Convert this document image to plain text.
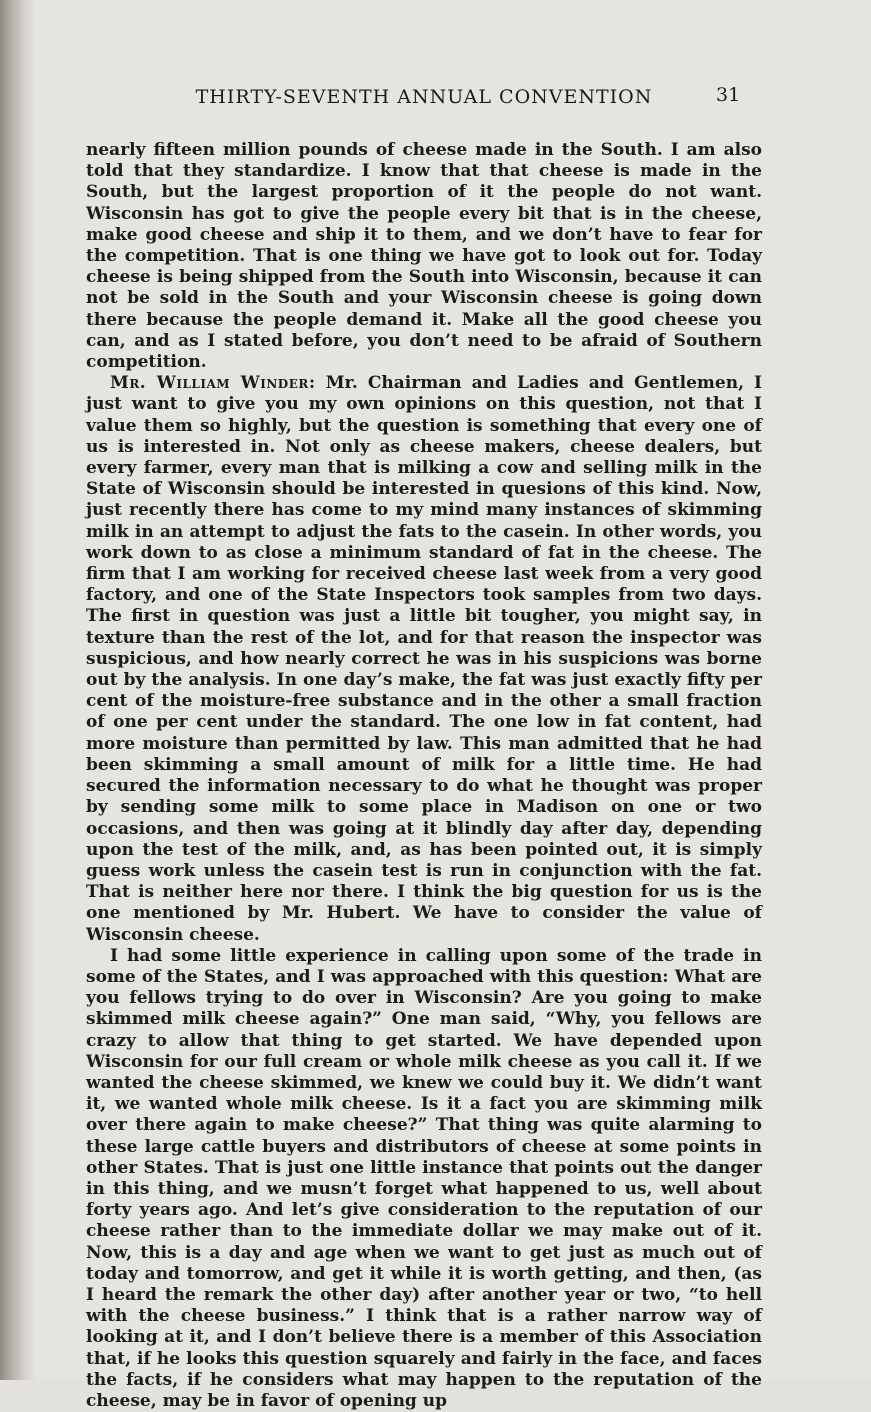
THIRTY-SEVENTH ANNUAL CONVENTION	31

nearly fifteen million pounds of cheese made in the South. I am also told that they standardize. I know that that cheese is made in the South, but the largest proportion of it the people do not want. Wisconsin has got to give the people every bit that is in the cheese, make good cheese and ship it to them, and we don’t have to fear for the competition. That is one thing we have got to look out for. Today cheese is being shipped from the South into Wisconsin, because it can not be sold in the South and your Wisconsin cheese is going down there because the people demand it. Make all the good cheese you can, and as I stated before, you don’t need to be afraid of Southern competition.

Mr. William Winder: Mr. Chairman and Ladies and Gentlemen, I just want to give you my own opinions on this question, not that I value them so highly, but the question is something that every one of us is interested in. Not only as cheese makers, cheese dealers, but every farmer, every man that is milking a cow and selling milk in the State of Wisconsin should be interested in quesions of this kind. Now, just recently there has come to my mind many instances of skimming milk in an attempt to adjust the fats to the casein. In other words, you work down to as close a minimum standard of fat in the cheese. The firm that I am working for received cheese last week from a very good factory, and one of the State Inspectors took samples from two days. The first in question was just a little bit tougher, you might say, in texture than the rest of the lot, and for that reason the inspector was suspicious, and how nearly correct he was in his suspicions was borne out by the analysis. In one day’s make, the fat was just exactly fifty per cent of the moisture-free substance and in the other a small fraction of one per cent under the standard. The one low in fat content, had more moisture than permitted by law. This man admitted that he had been skimming a small amount of milk for a little time. He had secured the information necessary to do what he thought was proper by sending some milk to some place in Madison on one or two occasions, and then was going at it blindly day after day, depending upon the test of the milk, and, as has been pointed out, it is simply guess work unless the casein test is run in conjunction with the fat. That is neither here nor there. I think the big question for us is the one mentioned by Mr. Hubert. We have to consider the value of Wisconsin cheese.

I had some little experience in calling upon some of the trade in some of the States, and I was approached with this question: What are you fellows trying to do over in Wisconsin? Are you going to make skimmed milk cheese again?” One man said, “Why, you fellows are crazy to allow that thing to get started. We have depended upon Wisconsin for our full cream or whole milk cheese as you call it. If we wanted the cheese skimmed, we knew we could buy it. We didn’t want it, we wanted whole milk cheese. Is it a fact you are skimming milk over there again to make cheese?” That thing was quite alarming to these large cattle buyers and distributors of cheese at some points in other States. That is just one little instance that points out the danger in this thing, and we musn’t forget what happened to us, well about forty years ago. And let’s give consideration to the reputation of our cheese rather than to the immediate dollar we may make out of it. Now, this is a day and age when we want to get just as much out of today and tomorrow, and get it while it is worth getting, and then, (as I heard the remark the other day) after another year or two, “to hell with the cheese business.” I think that is a rather narrow way of looking at it, and I don’t believe there is a member of this Association that, if he looks this question squarely and fairly in the face, and faces the facts, if he considers what may happen to the reputation of the cheese, may be in favor of opening up
